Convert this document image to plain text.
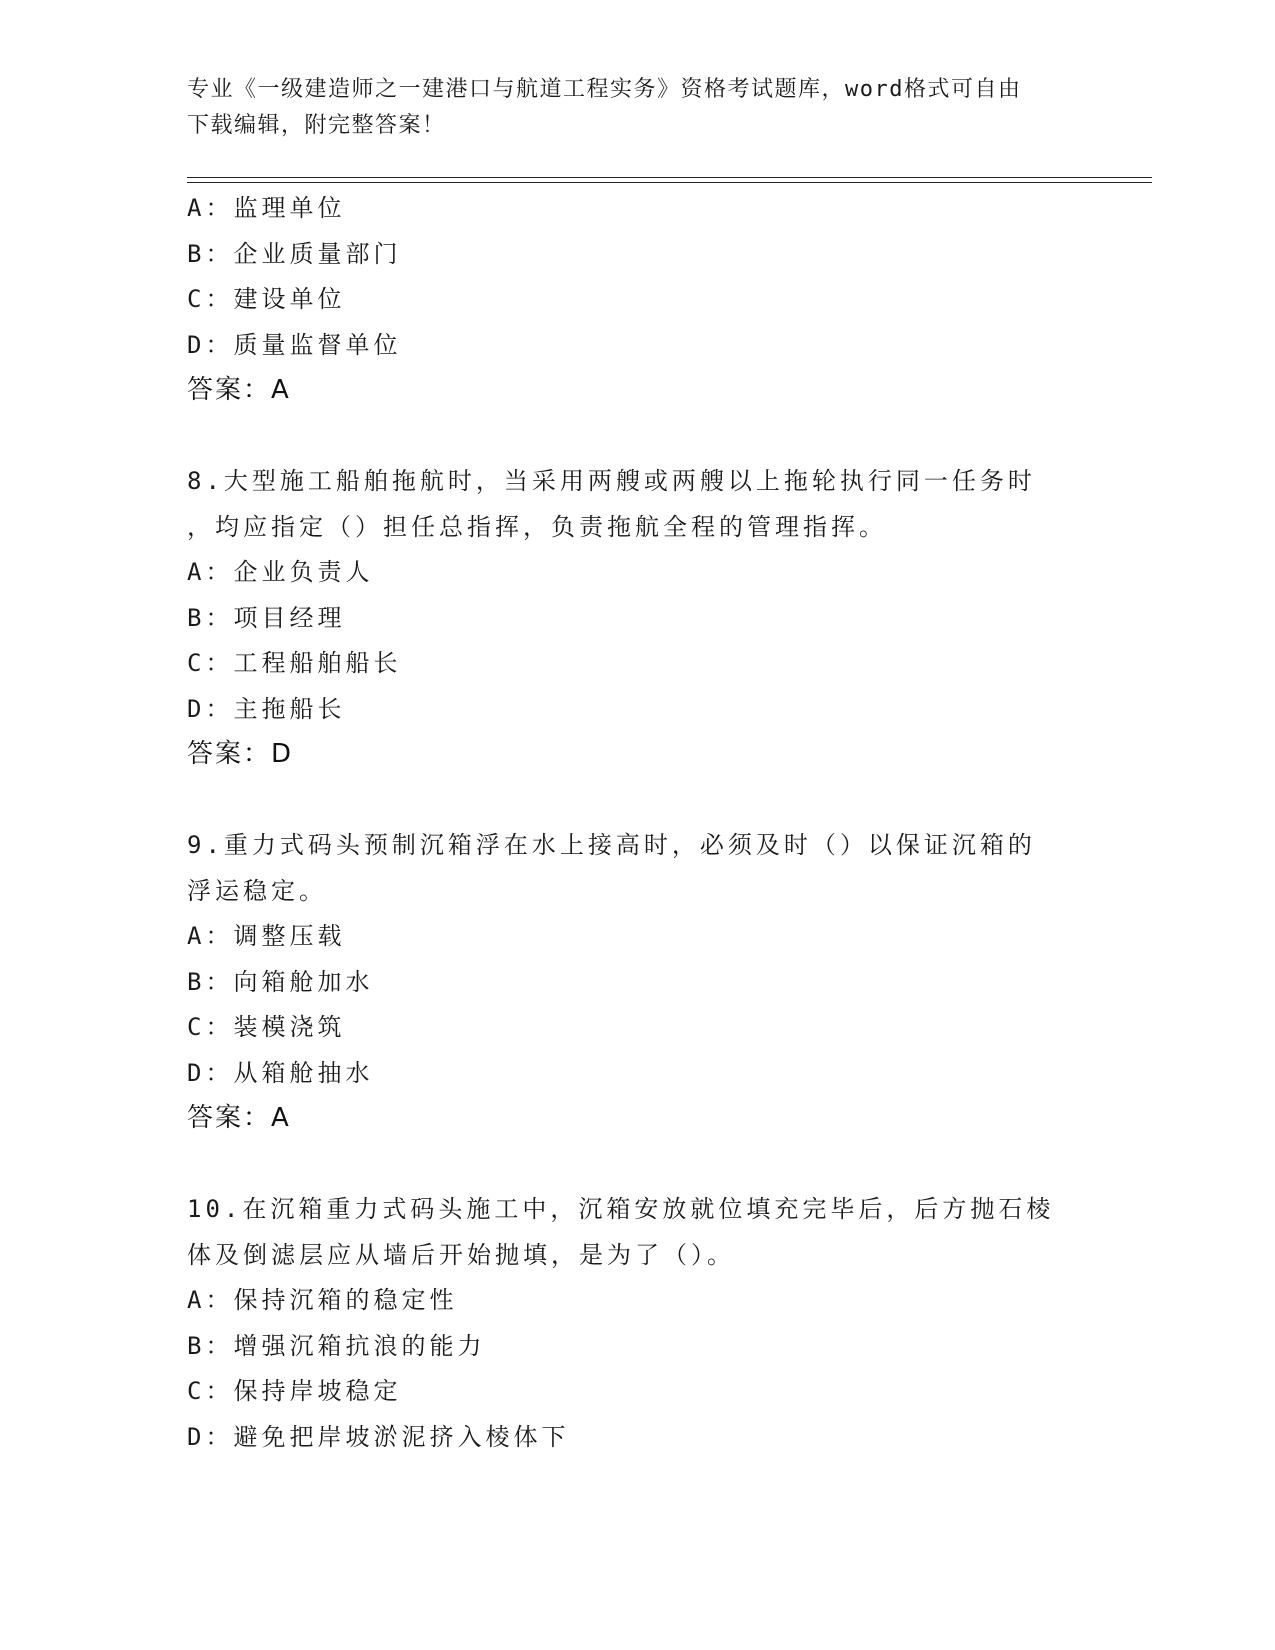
专业《一级建造师之一建港口与航道工程实务》资格考试题库，word格式可自由
下载编辑，附完整答案！
A：监理单位
B：企业质量部门
C：建设单位
D：质量监督单位
答案：A
8.大型施工船舶拖航时，当采用两艘或两艘以上拖轮执行同一任务时
，均应指定（）担任总指挥，负责拖航全程的管理指挥。
A：企业负责人
B：项目经理
C：工程船舶船长
D：主拖船长
答案：D
9.重力式码头预制沉箱浮在水上接高时，必须及时（）以保证沉箱的
浮运稳定。
A：调整压载
B：向箱舱加水
C：装模浇筑
D：从箱舱抽水
答案：A
10.在沉箱重力式码头施工中，沉箱安放就位填充完毕后，后方抛石棱
体及倒滤层应从墙后开始抛填，是为了（）。
A：保持沉箱的稳定性
B：增强沉箱抗浪的能力
C：保持岸坡稳定
D：避免把岸坡淤泥挤入棱体下
